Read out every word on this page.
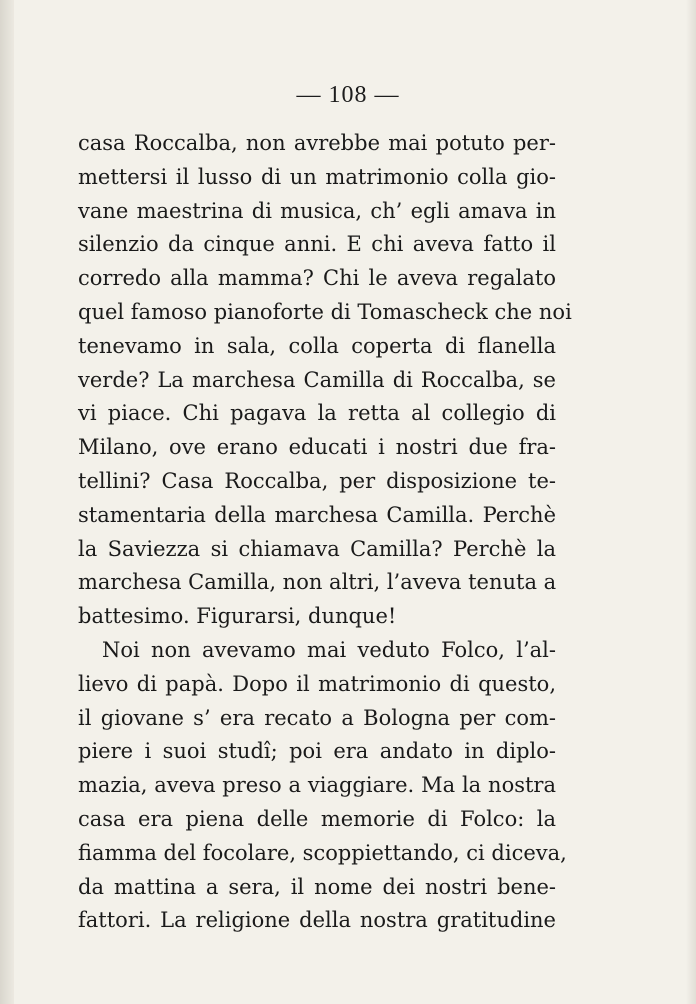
— 108 —
casa Roccalba, non avrebbe mai potuto per-
mettersi il lusso di un matrimonio colla gio-
vane maestrina di musica, ch’ egli amava in
silenzio da cinque anni. E chi aveva fatto il
corredo alla mamma? Chi le aveva regalato
quel famoso pianoforte di Tomascheck che noi
tenevamo in sala, colla coperta di flanella
verde? La marchesa Camilla di Roccalba, se
vi piace. Chi pagava la retta al collegio di
Milano, ove erano educati i nostri due fra-
tellini? Casa Roccalba, per disposizione te-
stamentaria della marchesa Camilla. Perchè
la Saviezza si chiamava Camilla? Perchè la
marchesa Camilla, non altri, l’aveva tenuta a
battesimo. Figurarsi, dunque!
Noi non avevamo mai veduto Folco, l’al-
lievo di papà. Dopo il matrimonio di questo,
il giovane s’ era recato a Bologna per com-
piere i suoi studî; poi era andato in diplo-
mazia, aveva preso a viaggiare. Ma la nostra
casa era piena delle memorie di Folco: la
fiamma del focolare, scoppiettando, ci diceva,
da mattina a sera, il nome dei nostri bene-
fattori. La religione della nostra gratitudine
